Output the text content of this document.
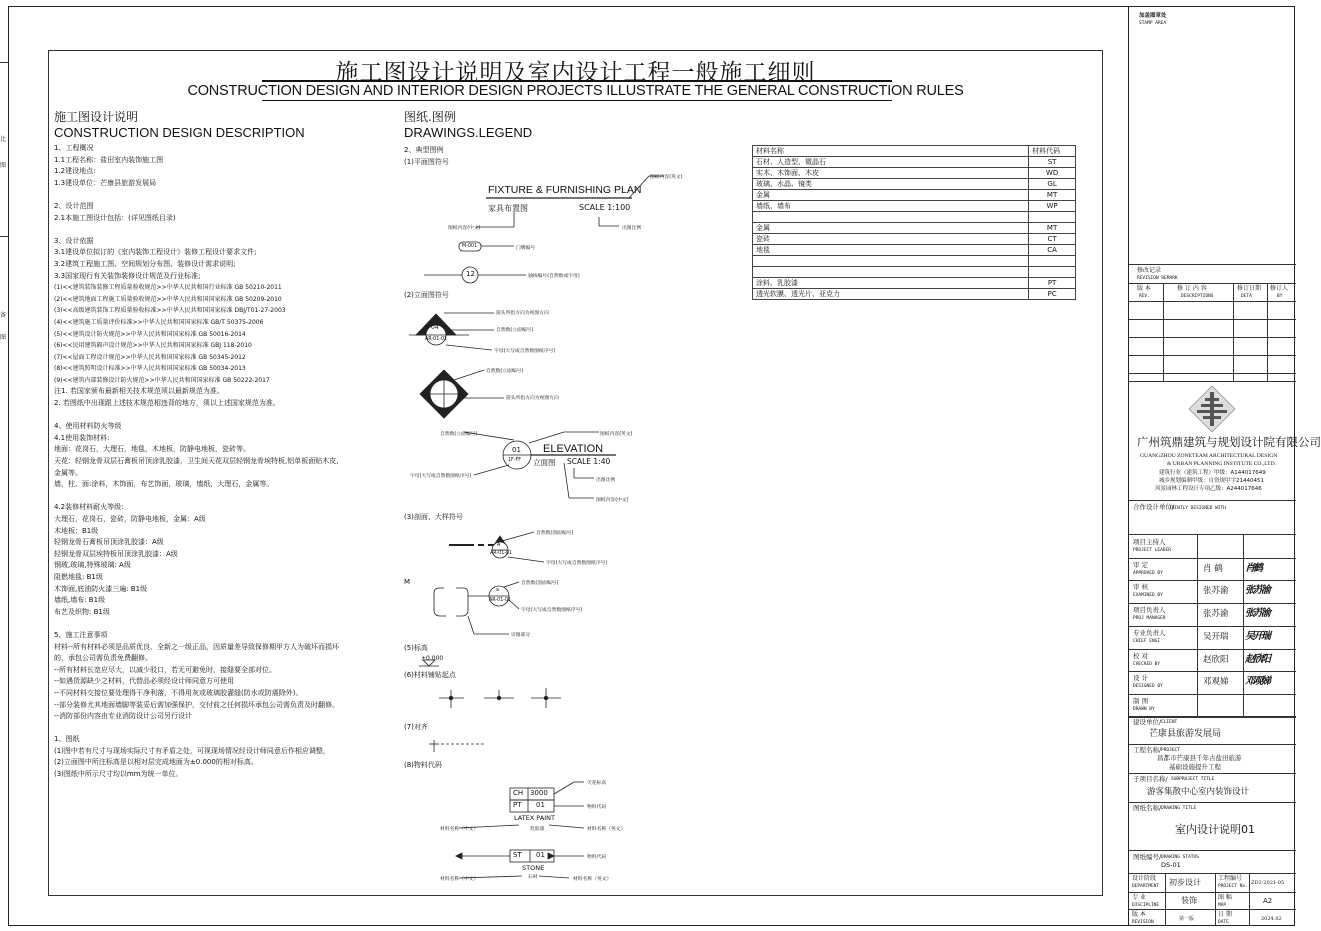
比
图
备
图
施工图设计说明及室内设计工程一般施工细则
CONSTRUCTION DESIGN AND INTERIOR DESIGN PROJECTS ILLUSTRATE THE GENERAL CONSTRUCTION RULES
施工图设计说明
CONSTRUCTION DESIGN DESCRIPTION
1、工程概况
1.1工程名称：盐田室内装饰施工图
1.2建设地点:
1.3建设单位：芒康县旅游发展局
2、设计范围
2.1本施工图设计包括：(详见图纸目录)
3、设计依据
3.1建设单位拟订的《室内装饰工程设计》装修工程设计要求文件;
3.2建筑工程施工图、空间规划分布图、装修设计需求说明;
3.3国家现行有关装饰装修设计规范及行业标准;
(1)<<建筑装饰装修工程质量验收规范>>中华人民共和国行业标准 GB 50210-2011
(2)<<建筑地面工程施工质量验收规范>>中华人民共和国国家标准 GB 50209-2010
(3)<<高级建筑装饰工程质量验收标准>>中华人民共和国国家标准 DBJ/T01-27-2003
(4)<<建筑施工质量评价标准>>中华人民共和国国家标准 GB/T 50375-2006
(5)<<建筑设计防火规范>>中华人民共和国国家标准 GB 50016-2014
(6)<<民用建筑隔声设计规范>>中华人民共和国国家标准 GBJ 118-2010
(7)<<屋面工程设计规范>>中华人民共和国国家标准 GB 50345-2012
(8)<<建筑照明设计标准>>中华人民共和国国家标准 GB 50034-2013
(9)<<建筑内部装修设计防火规范>>中华人民共和国国家标准 GB 50222-2017
注1. 若国家颁布最新相关技术规范须以最新规范为准。
2. 若图纸中出现跟上述技术规范相违背的地方，须以上述国家规范为准。
4、使用材料防火等级
4.1使用装饰材料:
地面：花岗石，大理石，地毯，木地板，防静电地板，瓷砖等。
天花：轻钢龙骨双层石膏板吊顶涂乳胶漆，卫生间天花双层轻钢龙骨埃特板,铝单板面贴木皮,
金属等。
墙、柱、面:涂料，木饰面，布艺饰面，玻璃，墙纸，大理石，金属等。
4.2装修材料耐火等级:
大理石，花岗石，瓷砖，防静电地板，金属：A级
木地板：B1级
轻钢龙骨石膏板吊顶涂乳胶漆：A级
轻钢龙骨双层埃特板吊顶涂乳胶漆：A级
钢玻,玻璃,特殊玻璃: A级
阻燃地毯: B1级
木饰面,底油防火漆三遍: B1级
墙纸,墙布: B1级
布艺及织物: B1级
5、施工注意事项
材料--所有材料必须是品质优良，全新之一级正品，因质量差导致保修期甲方人为破坏而损坏
的，承包公司需负责免费翻修。
--所有材料长宽应尽大，以减少驳口，若无可避免时，接缝要全部对位。
--如遇货源缺少之材料，代替品必须经设计师同意方可使用
--不同材料交接位要处理得干净利落，不得用灰或玻璃胶灌缝(防水或防震除外)。
--部分装修尤其地面墙脚等装妥后需加强保护，交付前之任何损坏承包公司需负责及时翻修。
--消防部份内容由专业消防设计公司另行设计
1、图纸
(1)图中若有尺寸与现场实际尺寸有矛盾之处，可视现场情况经设计师同意后作相应调整，
(2)立面图中所注标高是以相对层完成地面为±0.000的相对标高。
(3)图纸中所示尺寸均以mm为统一单位。
图纸.图例
DRAWINGS.LEGEND
2、典型图例
(1)平面图符号
(2)立面图符号
(3)剖面、大样符号
M
(5)标高
(6)材料铺贴起点
(7)对齐
(8)物料代码
FIXTURE & FURNISHING PLAN
家具布置图	SCALE 1:100
图纸内容(英文)
图纸内容(中文)	出图比例
M-001	门牌编号
12	轴线编号(自然数或字母)
04
AR-01-01
箭头所指方向为视图方向
自然数(立面编号)
字母(大写或自然数图纸序号)
自然数(立面编号)
箭头所指方向为视图方向
01
1F-FF
ELEVATION
立面图 SCALE 1:40
自然数(立面编号)	图纸内容(英文)
字母(大写或自然数图纸序号)
出图比例
图纸内容(中文)
A
AR-01-01
自然数(剖面编号)
字母(大写或自然数图纸序号)
a
AR-01-01
自然数(剖面编号)
字母(大写或自然数图纸序号)
详图部分
±0.000
CH 3000
PT 01
LATEX PAINT
乳胶漆
天花标高
物料代码
材料名称（中文）	材料名称（英文）
ST 01	物料代码
STONE
石材
材料名称（中文）	材料名称（英文）
材料名称	材料代码
石材、人造型、微晶石	ST
实木、木饰面、木皮	WD
玻璃、水晶、镜类	GL
金属	MT
墙纸、墙布	WP

金属	MT
瓷砖	CT
地毯	CA

涂料、乳胶漆	PT
透光软膜、透光片、亚克力	PC
加盖图章处
STAMP AREA
修改记录
REVISION REMARK
版 本
REV.
修 订 内 容
DESCRIPTIONS
修订日期
DETA
修订人
BY
广州筑鼎建筑与规划设计院有限公司
GUANGZHOU ZONETEAM ARCHITECTURAL DESIGN
& URBAN PLANNING INSTITUTE CO.,LTD.
建筑行业（建筑工程）甲级：A144017649
城乡规划编制甲级：自资规甲字21440451
风景园林工程设计专项乙级：A244017646
合作设计单位/
JOINTLY DESIGNED WITH
项目主持人
PROJECT LEADER
审 定
APPROVED BY	肖 鹤 肖鹤
审 核
EXAMINED BY	张苏渝 张苏渝
项目负责人
PROJ MANAGER	张苏渝 张苏渝
专业负责人
CHIEF ENGI	吴开瑞 吴开瑞
校 对
CHECKED BY	赵欣阳 赵欣阳
设 计
DESIGNED BY	邓观娣 邓观娣
制 图
DRAWN BY
建设单位/ CLIENT
芒康县旅游发展局
工程名称/ PROJECT
昌都市芒康县千年古盐田旅游
基础设施提升工程
子项目名称/ SUBPROJECT TITLE
游客集散中心室内装饰设计
图纸名称/ DRAWING TITLE
室内设计说明01
图纸编号/ DRAWING STATUS
DS-01
设计阶段
DEPARTMENT 初步设计	工程编号
PROJECT No.
ZD2-2021-05
专 业
DISCIPLINE
装饰	图 幅
MAP
A2
版 本
REVISION
第一版
日 期
DATE
2024.02
